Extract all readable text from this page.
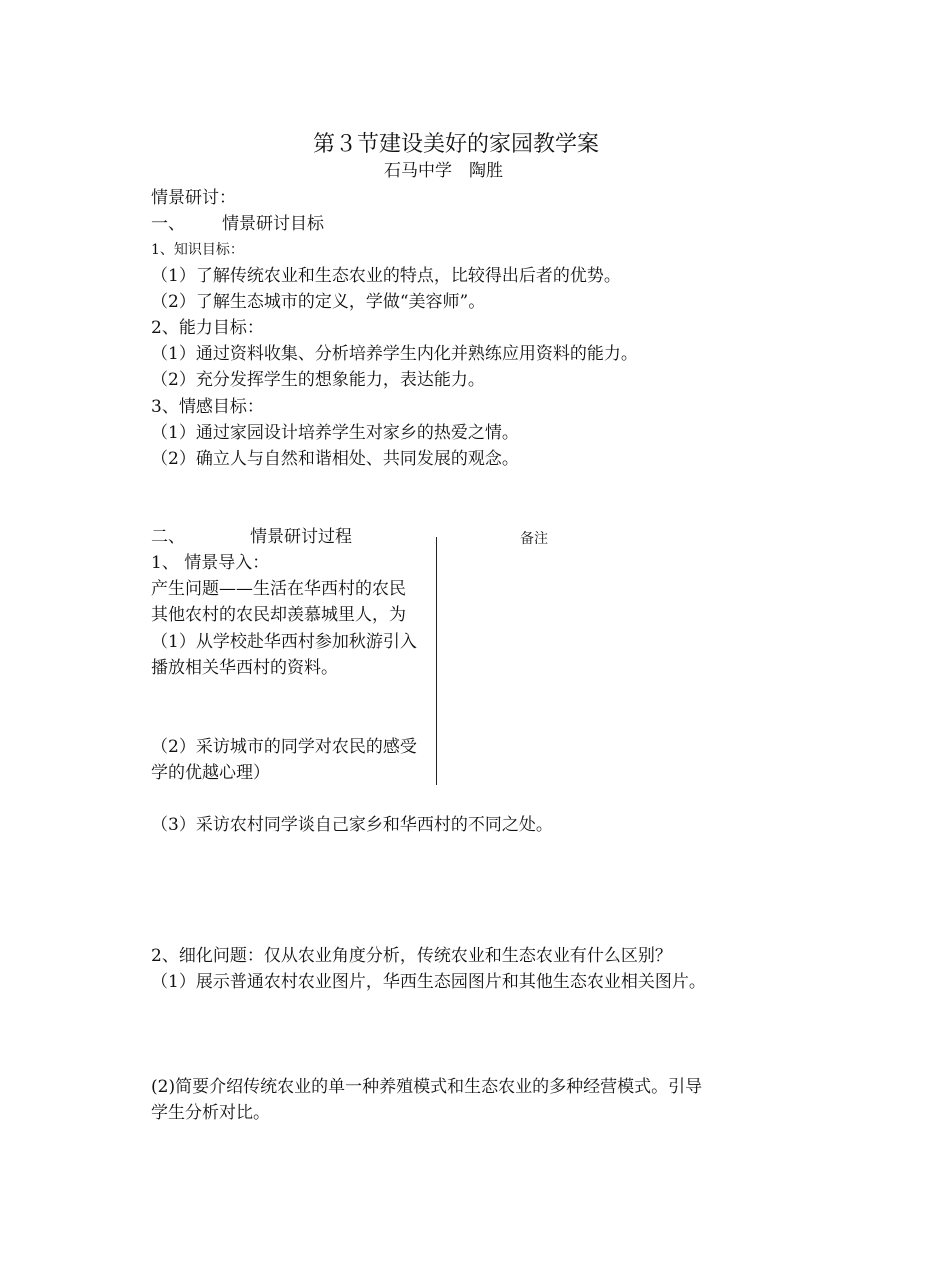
第３节建设美好的家园教学案
石马中学　陶胜
情景研讨：
一、 情景研讨目标
1、知识目标：
（1）了解传统农业和生态农业的特点，比较得出后者的优势。
（2）了解生态城市的定义，学做“美容师”。
2、能力目标：
（1）通过资料收集、分析培养学生内化并熟练应用资料的能力。
（2）充分发挥学生的想象能力，表达能力。
3、情感目标：
（1）通过家园设计培养学生对家乡的热爱之情。
（2）确立人与自然和谐相处、共同发展的观念。
二、	情景研讨过程	备注
1、 情景导入：
产生问题——生活在华西村的农民
其他农村的农民却羡慕城里人，为
（1）从学校赴华西村参加秋游引入
播放相关华西村的资料。
（2）采访城市的同学对农民的感受
学的优越心理）
（3）采访农村同学谈自己家乡和华西村的不同之处。
2、细化问题：仅从农业角度分析，传统农业和生态农业有什么区别？
（1）展示普通农村农业图片，华西生态园图片和其他生态农业相关图片。
(2)简要介绍传统农业的单一种养殖模式和生态农业的多种经营模式。引导
学生分析对比。
